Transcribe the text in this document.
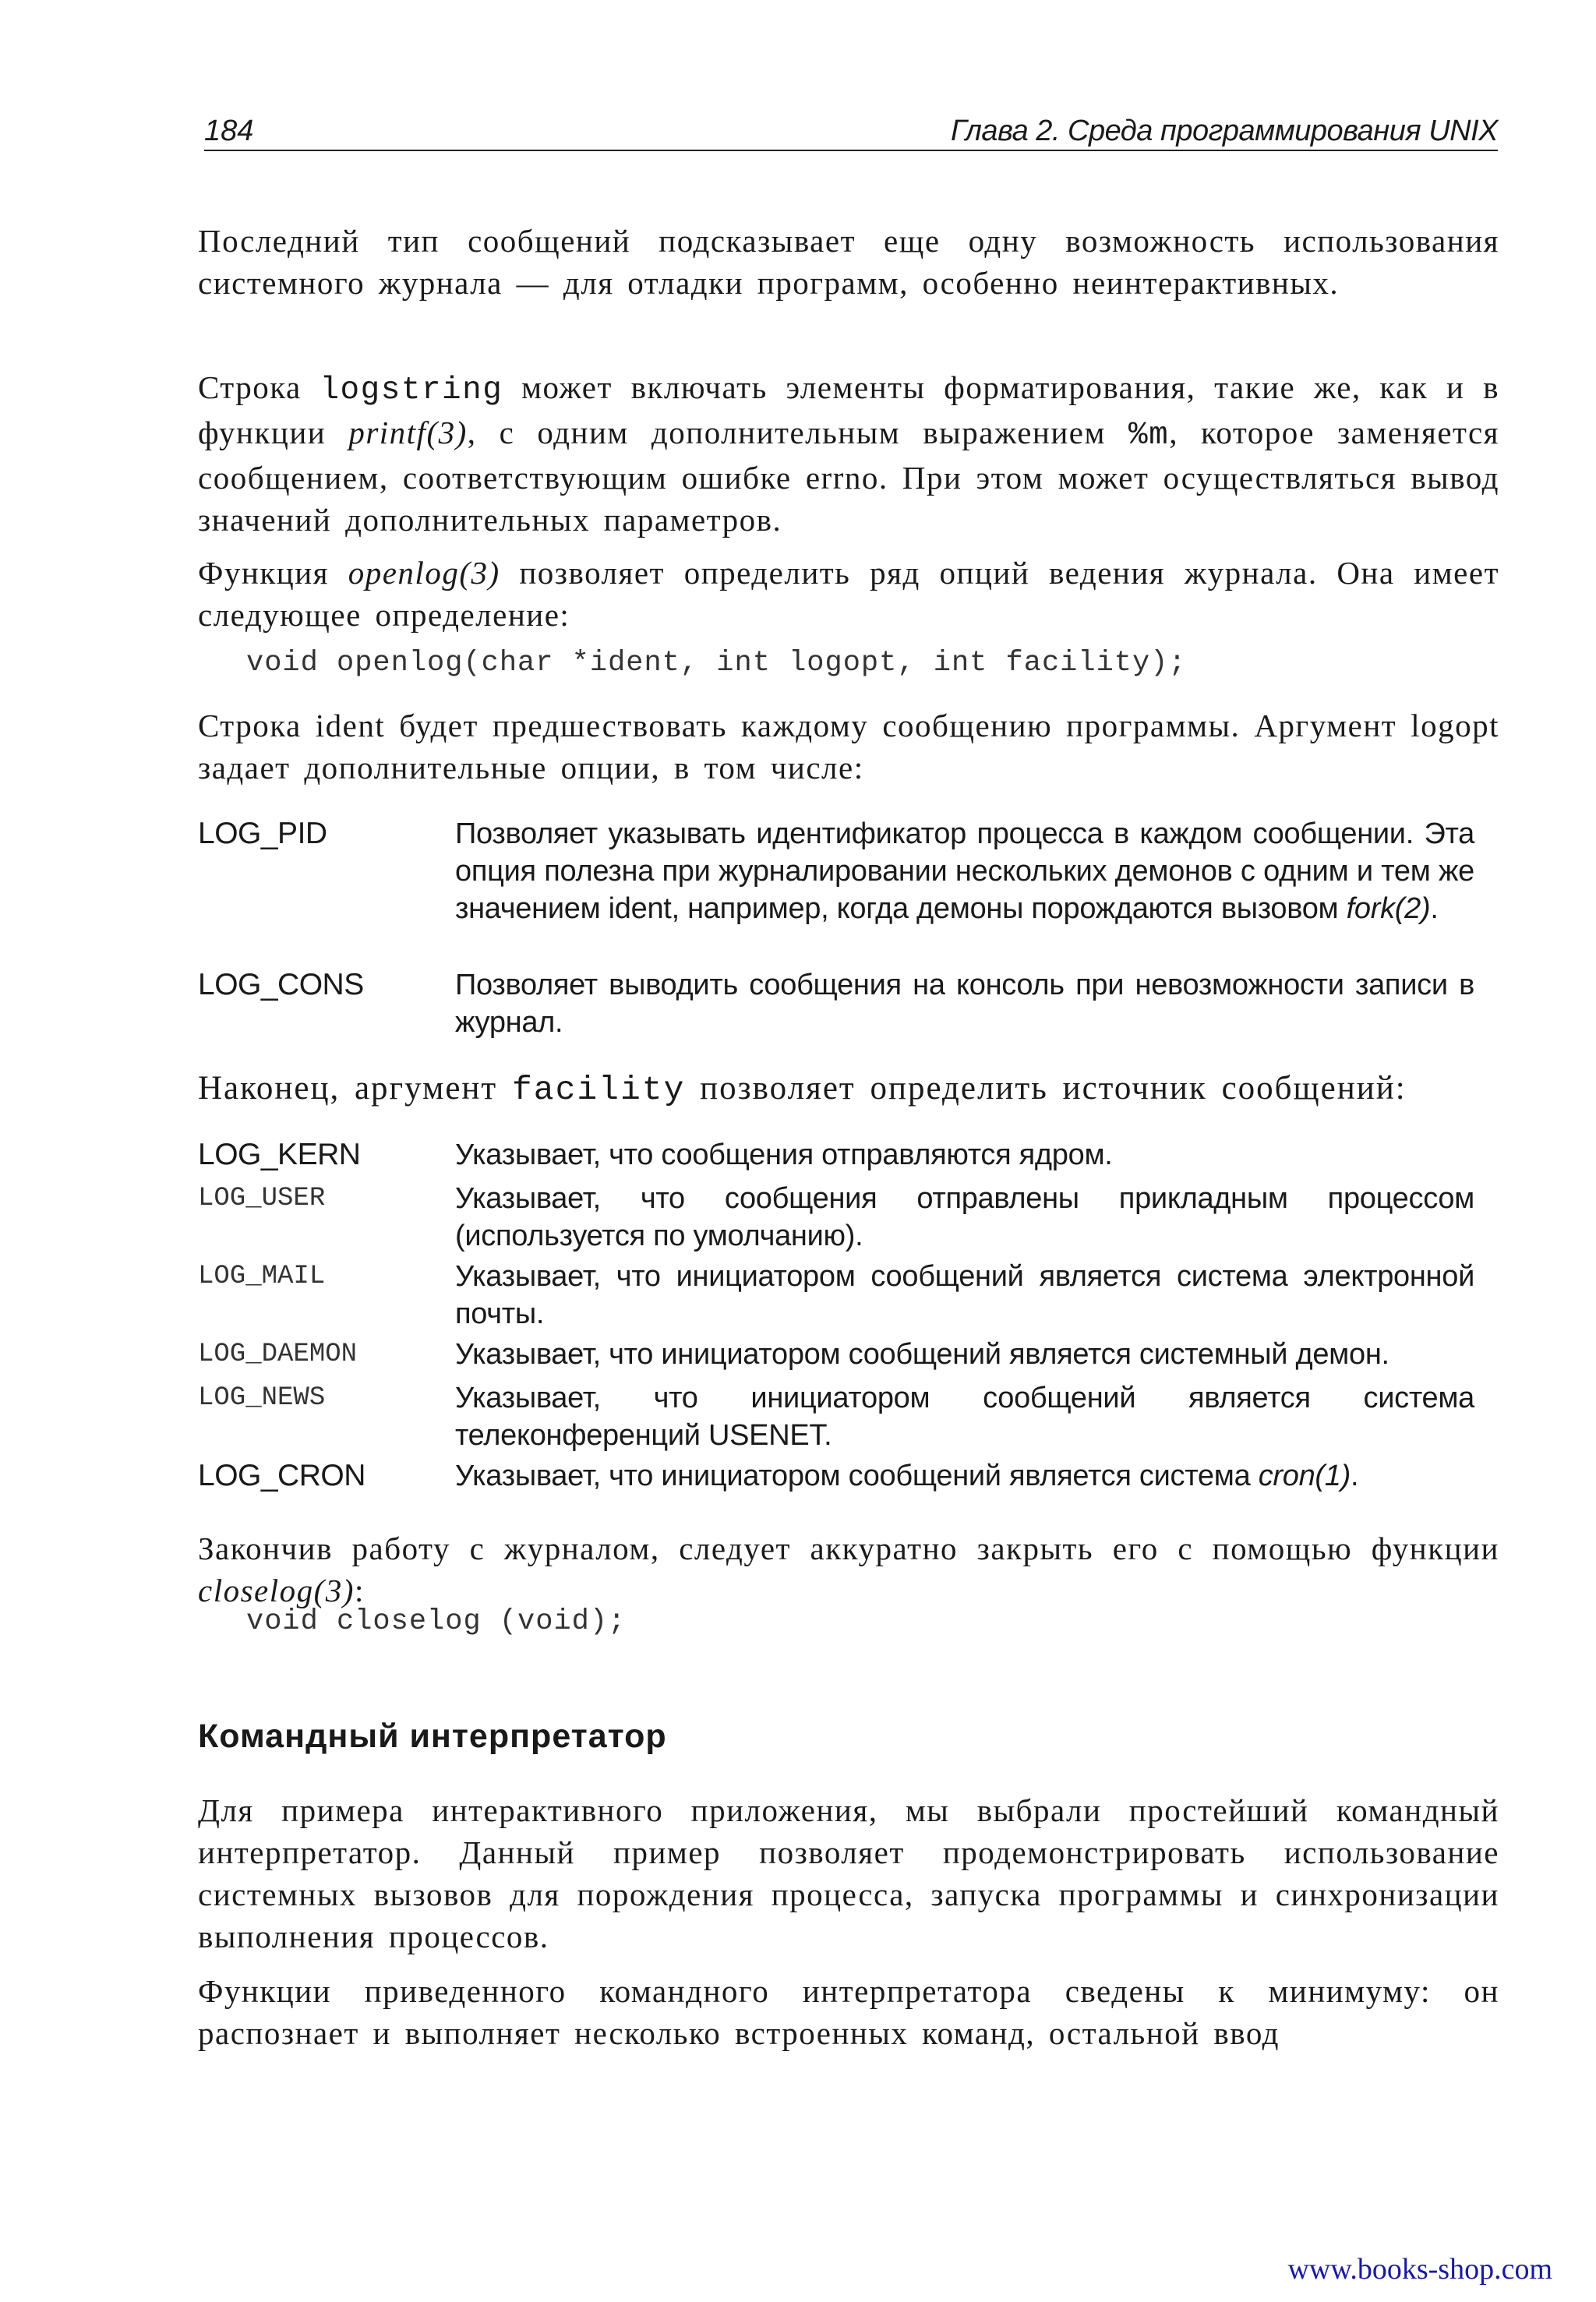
184	Глава 2. Среда программирования UNIX
Последний тип сообщений подсказывает еще одну возможность использования системного журнала — для отладки программ, особенно неинтерактивных.
Строка logstring может включать элементы форматирования, такие же, как и в функции printf(3), с одним дополнительным выражением %m, которое заменяется сообщением, соответствующим ошибке errno. При этом может осуществляться вывод значений дополнительных параметров.
Функция openlog(3) позволяет определить ряд опций ведения журнала. Она имеет следующее определение:
void openlog(char *ident, int logopt, int facility);
Строка ident будет предшествовать каждому сообщению программы. Аргумент logopt задает дополнительные опции, в том числе:
LOG_PID	Позволяет указывать идентификатор процесса в каждом сообщении. Эта опция полезна при журналировании нескольких демонов с одним и тем же значением ident, например, когда демоны порождаются вызовом fork(2).
LOG_CONS	Позволяет выводить сообщения на консоль при невозможности записи в журнал.
Наконец, аргумент facility позволяет определить источник сообщений:
LOG_KERN	Указывает, что сообщения отправляются ядром.
LOG_USER	Указывает, что сообщения отправлены прикладным процессом (используется по умолчанию).
LOG_MAIL	Указывает, что инициатором сообщений является система электронной почты.
LOG_DAEMON	Указывает, что инициатором сообщений является системный демон.
LOG_NEWS	Указывает, что инициатором сообщений является система телеконференций USENET.
LOG_CRON	Указывает, что инициатором сообщений является система cron(1).
Закончив работу с журналом, следует аккуратно закрыть его с помощью функции closelog(3):
void closelog (void);
Командный интерпретатор
Для примера интерактивного приложения, мы выбрали простейший командный интерпретатор. Данный пример позволяет продемонстрировать использование системных вызовов для порождения процесса, запуска программы и синхронизации выполнения процессов.
Функции приведенного командного интерпретатора сведены к минимуму: он распознает и выполняет несколько встроенных команд, остальной ввод
www.books-shop.com
